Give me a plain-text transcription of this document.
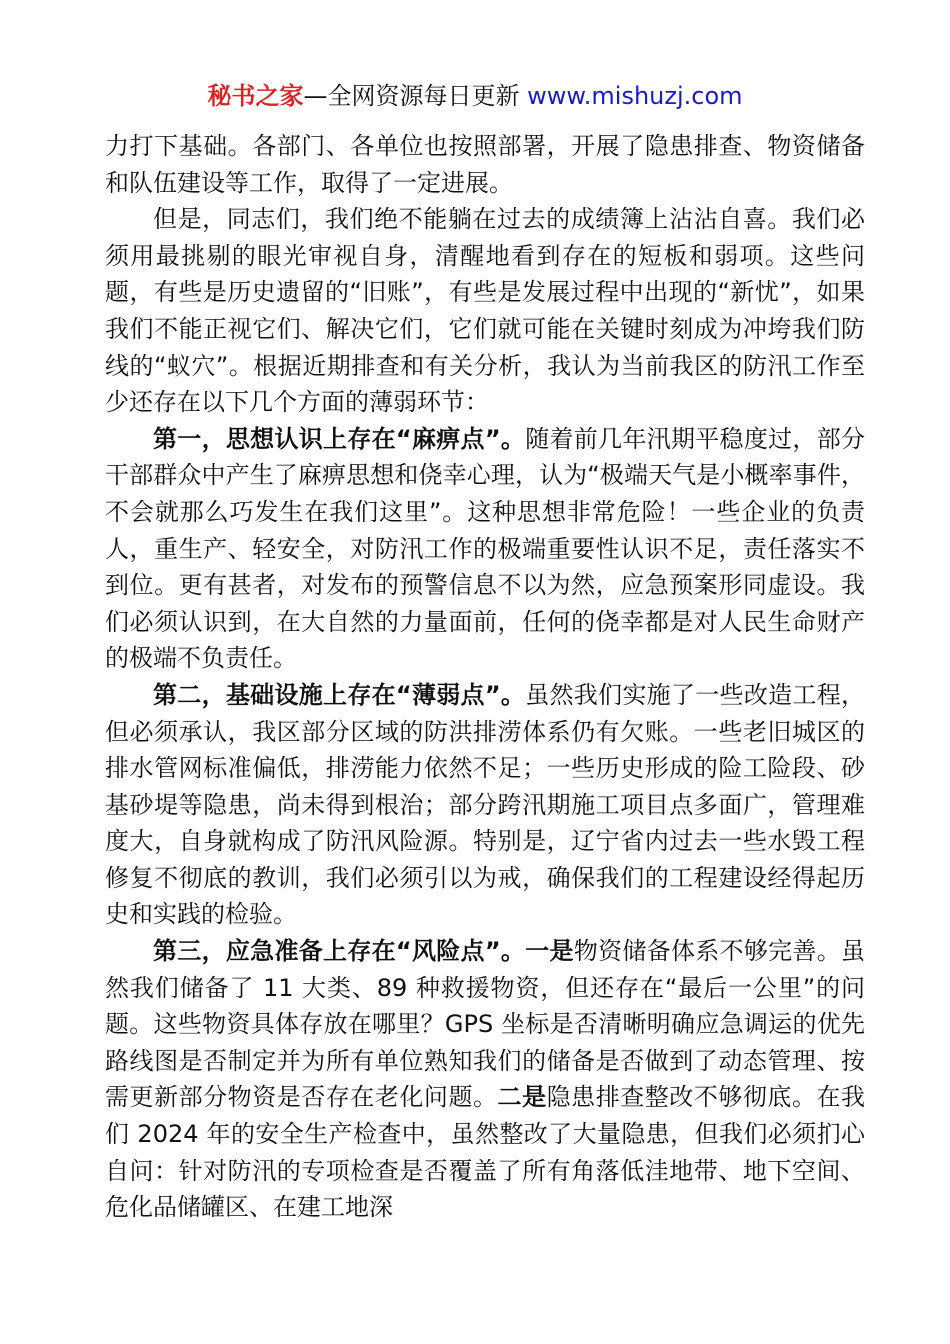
秘书之家—全网资源每日更新 www.mishuzj.com

力打下基础。各部门、各单位也按照部署，开展了隐患排查、物资储备和队伍建设等工作，取得了一定进展。

但是，同志们，我们绝不能躺在过去的成绩簿上沾沾自喜。我们必须用最挑剔的眼光审视自身，清醒地看到存在的短板和弱项。这些问题，有些是历史遗留的“旧账”，有些是发展过程中出现的“新忧”，如果我们不能正视它们、解决它们，它们就可能在关键时刻成为冲垮我们防线的“蚁穴”。根据近期排查和有关分析，我认为当前我区的防汛工作至少还存在以下几个方面的薄弱环节：

第一，思想认识上存在“麻痹点”。随着前几年汛期平稳度过，部分干部群众中产生了麻痹思想和侥幸心理，认为“极端天气是小概率事件，不会就那么巧发生在我们这里”。这种思想非常危险！一些企业的负责人，重生产、轻安全，对防汛工作的极端重要性认识不足，责任落实不到位。更有甚者，对发布的预警信息不以为然，应急预案形同虚设。我们必须认识到，在大自然的力量面前，任何的侥幸都是对人民生命财产的极端不负责任。

第二，基础设施上存在“薄弱点”。虽然我们实施了一些改造工程，但必须承认，我区部分区域的防洪排涝体系仍有欠账。一些老旧城区的排水管网标准偏低，排涝能力依然不足；一些历史形成的险工险段、砂基砂堤等隐患，尚未得到根治；部分跨汛期施工项目点多面广，管理难度大，自身就构成了防汛风险源。特别是，辽宁省内过去一些水毁工程修复不彻底的教训，我们必须引以为戒，确保我们的工程建设经得起历史和实践的检验。

第三，应急准备上存在“风险点”。一是物资储备体系不够完善。虽然我们储备了 11 大类、89 种救援物资，但还存在“最后一公里”的问题。这些物资具体存放在哪里？GPS 坐标是否清晰明确应急调运的优先路线图是否制定并为所有单位熟知我们的储备是否做到了动态管理、按需更新部分物资是否存在老化问题。二是隐患排查整改不够彻底。在我们 2024 年的安全生产检查中，虽然整改了大量隐患，但我们必须扪心自问：针对防汛的专项检查是否覆盖了所有角落低洼地带、地下空间、危化品储罐区、在建工地深
